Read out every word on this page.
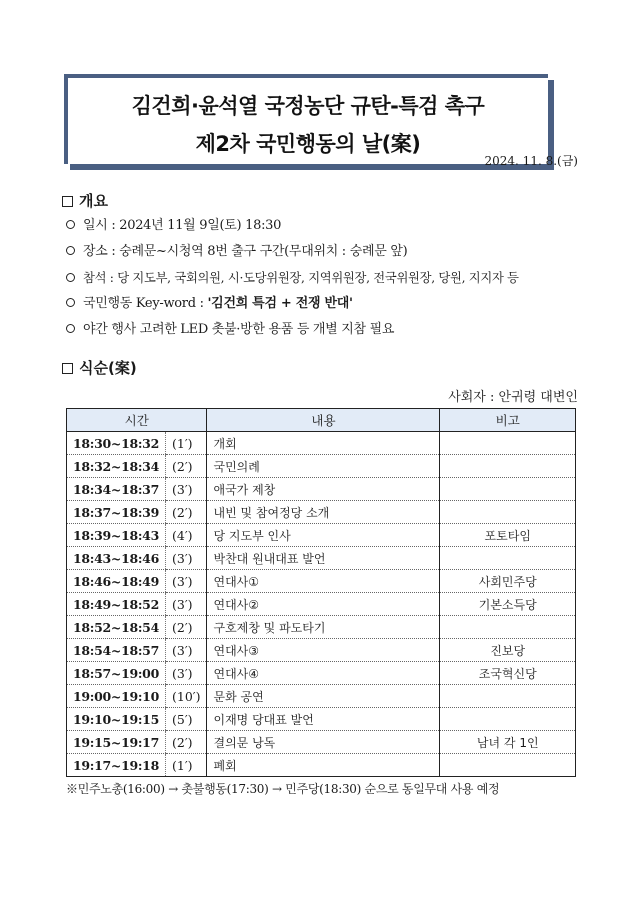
김건희·윤석열 국정농단 규탄-특검 촉구
제2차 국민행동의 날(案)
2024. 11. 8.(금)
개요
일시 : 2024년 11월 9일(토) 18:30
장소 : 숭례문~시청역 8번 출구 구간(무대위치 : 숭례문 앞)
참석 : 당 지도부, 국회의원, 시·도당위원장, 지역위원장, 전국위원장, 당원, 지지자 등
국민행동 Key-word : '김건희 특검 + 전쟁 반대'
야간 행사 고려한 LED 촛불·방한 용품 등 개별 지참 필요
식순(案)
사회자 : 안귀령 대변인
시간		내용	비고
18:30~18:32	(1′)	개회	
18:32~18:34	(2′)	국민의례	
18:34~18:37	(3′)	애국가 제창	
18:37~18:39	(2′)	내빈 및 참여정당 소개	
18:39~18:43	(4′)	당 지도부 인사	포토타임
18:43~18:46	(3′)	박찬대 원내대표 발언	
18:46~18:49	(3′)	연대사①	사회민주당
18:49~18:52	(3′)	연대사②	기본소득당
18:52~18:54	(2′)	구호제창 및 파도타기	
18:54~18:57	(3′)	연대사③	진보당
18:57~19:00	(3′)	연대사④	조국혁신당
19:00~19:10	(10′)	문화 공연	
19:10~19:15	(5′)	이재명 당대표 발언	
19:15~19:17	(2′)	결의문 낭독	남녀 각 1인
19:17~19:18	(1′)	폐회	
※민주노총(16:00) → 촛불행동(17:30) → 민주당(18:30) 순으로 동일무대 사용 예정
